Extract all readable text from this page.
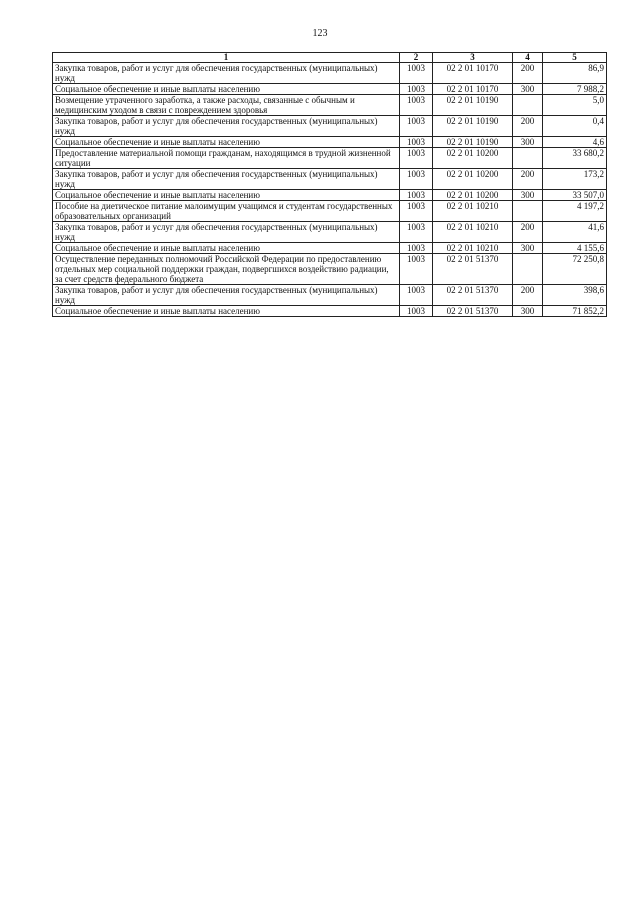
123
1	2	3	4	5
Закупка товаров, работ и услуг для обеспечения государственных (муниципальных) нужд	1003	02 2 01 10170	200	86,9
Социальное обеспечение и иные выплаты населению	1003	02 2 01 10170	300	7 988,2
Возмещение утраченного заработка, а также расходы, связанные с обычным и медицинским уходом в связи с повреждением здоровья	1003	02 2 01 10190		5,0
Закупка товаров, работ и услуг для обеспечения государственных (муниципальных) нужд	1003	02 2 01 10190	200	0,4
Социальное обеспечение и иные выплаты населению	1003	02 2 01 10190	300	4,6
Предоставление материальной помощи гражданам, находящимся в трудной жизненной ситуации	1003	02 2 01 10200		33 680,2
Закупка товаров, работ и услуг для обеспечения государственных (муниципальных) нужд	1003	02 2 01 10200	200	173,2
Социальное обеспечение и иные выплаты населению	1003	02 2 01 10200	300	33 507,0
Пособие на диетическое питание малоимущим учащимся и студентам государственных образовательных организаций	1003	02 2 01 10210		4 197,2
Закупка товаров, работ и услуг для обеспечения государственных (муниципальных) нужд	1003	02 2 01 10210	200	41,6
Социальное обеспечение и иные выплаты населению	1003	02 2 01 10210	300	4 155,6
Осуществление переданных полномочий Российской Федерации по предоставлению отдельных мер социальной поддержки граждан, подвергшихся воздействию радиации, за счет средств федерального бюджета	1003	02 2 01 51370		72 250,8
Закупка товаров, работ и услуг для обеспечения государственных (муниципальных) нужд	1003	02 2 01 51370	200	398,6
Социальное обеспечение и иные выплаты населению	1003	02 2 01 51370	300	71 852,2
